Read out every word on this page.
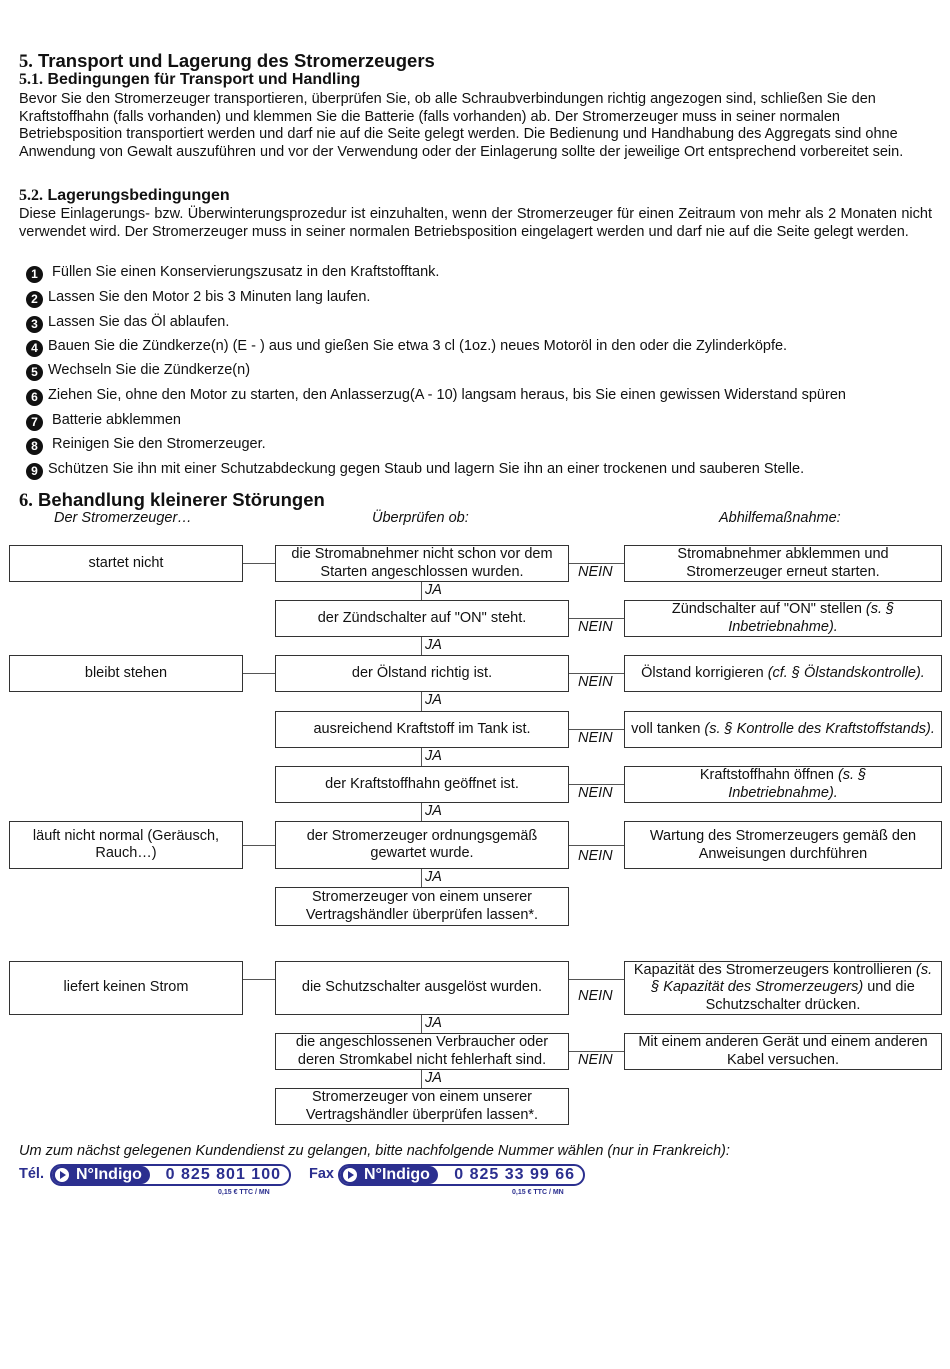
5. Transport und Lagerung des Stromerzeugers
5.1. Bedingungen für Transport und Handling

Bevor Sie den Stromerzeuger transportieren, überprüfen Sie, ob alle Schraubverbindungen richtig angezogen sind, schließen Sie den Kraftstoffhahn (falls vorhanden) und klemmen Sie die Batterie (falls vorhanden) ab. Der Stromerzeuger muss in seiner normalen Betriebsposition transportiert werden und darf nie auf die Seite gelegt werden. Die Bedienung und Handhabung des Aggregats sind ohne Anwendung von Gewalt auszuführen und vor der Verwendung oder der Einlagerung sollte der jeweilige Ort entsprechend vorbereitet sein.

5.2. Lagerungsbedingungen

Diese Einlagerungs- bzw. Überwinterungsprozedur ist einzuhalten, wenn der Stromerzeuger für einen Zeitraum von mehr als 2 Monaten nicht verwendet wird. Der Stromerzeuger muss in seiner normalen Betriebsposition eingelagert werden und darf nie auf die Seite gelegt werden.

1 Füllen Sie einen Konservierungszusatz in den Kraftstofftank.
2 Lassen Sie den Motor 2 bis 3 Minuten lang laufen.
3 Lassen Sie das Öl ablaufen.
4 Bauen Sie die Zündkerze(n) (E - ) aus und gießen Sie etwa 3 cl (1oz.) neues Motoröl in den oder die Zylinderköpfe.
5 Wechseln Sie die Zündkerze(n)
6 Ziehen Sie, ohne den Motor zu starten, den Anlasserzug(A - 10) langsam heraus, bis Sie einen gewissen Widerstand spüren
7 Batterie abklemmen
8 Reinigen Sie den Stromerzeuger.
9 Schützen Sie ihn mit einer Schutzabdeckung gegen Staub und lagern Sie ihn an einer trockenen und sauberen Stelle.
6. Behandlung kleinerer Störungen
Der Stromerzeuger…	Überprüfen ob:	Abhilfemaßnahme:
startet nicht
bleibt stehen
läuft nicht normal (Geräusch, Rauch…)
liefert keinen Strom
die Stromabnehmer nicht schon vor dem Starten angeschlossen wurden.
der Zündschalter auf "ON" steht.
der Ölstand richtig ist.
ausreichend Kraftstoff im Tank ist.
der Kraftstoffhahn geöffnet ist.
der Stromerzeuger ordnungsgemäß gewartet wurde.
Stromerzeuger von einem unserer Vertragshändler überprüfen lassen*.
die Schutzschalter ausgelöst wurden.
die angeschlossenen Verbraucher oder deren Stromkabel nicht fehlerhaft sind.
Stromerzeuger von einem unserer Vertragshändler überprüfen lassen*.
JA
JA
JA
JA
JA
JA
JA
JA
NEIN
NEIN
NEIN
NEIN
NEIN
NEIN
NEIN
NEIN
Stromabnehmer abklemmen und Stromerzeuger erneut starten.
Zündschalter auf "ON" stellen (s. § Inbetriebnahme).
Ölstand korrigieren (cf. § Ölstandskontrolle).
voll tanken (s. § Kontrolle des Kraftstoffstands).
Kraftstoffhahn öffnen (s. § Inbetriebnahme).
Wartung des Stromerzeugers gemäß den Anweisungen durchführen
Kapazität des Stromerzeugers kontrollieren (s. § Kapazität des Stromerzeugers) und die Schutzschalter drücken.
Mit einem anderen Gerät und einem anderen Kabel versuchen.
Um zum nächst gelegenen Kundendienst zu gelangen, bitte nachfolgende Nummer wählen (nur in Frankreich):
Tél. N°Indigo 0 825 801 100
0,15 € TTC / MN
Fax N°Indigo 0 825 33 99 66
0,15 € TTC / MN
